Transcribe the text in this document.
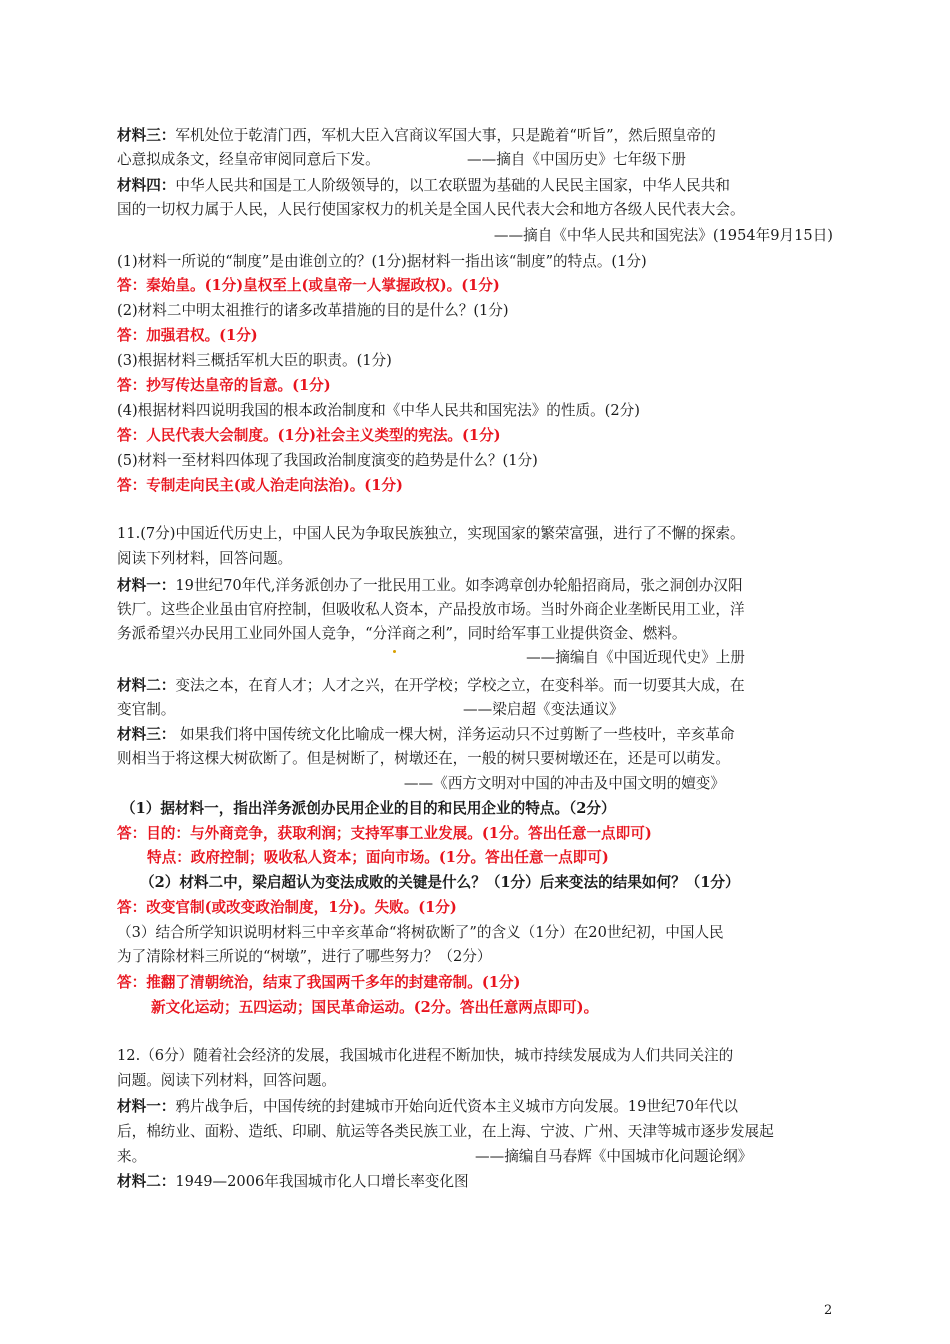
材料三：军机处位于乾清门西，军机大臣入宫商议军国大事，只是跪着“听旨”，然后照皇帝的

心意拟成条文，经皇帝审阅同意后下发。	——摘自《中国历史》七年级下册

材料四：中华人民共和国是工人阶级领导的，以工农联盟为基础的人民民主国家，中华人民共和

国的一切权力属于人民，人民行使国家权力的机关是全国人民代表大会和地方各级人民代表大会。

——摘自《中华人民共和国宪法》(1954年9月15日)

(1)材料一所说的“制度”是由谁创立的？(1分)据材料一指出该“制度”的特点。(1分)

答：秦始皇。(1分)皇权至上(或皇帝一人掌握政权)。(1分)

(2)材料二中明太祖推行的诸多改革措施的目的是什么？(1分)

答：加强君权。(1分)

(3)根据材料三概括军机大臣的职责。(1分)

答：抄写传达皇帝的旨意。(1分)

(4)根据材料四说明我国的根本政治制度和《中华人民共和国宪法》的性质。(2分)

答：人民代表大会制度。(1分)社会主义类型的宪法。(1分)

(5)材料一至材料四体现了我国政治制度演变的趋势是什么？(1分)

答：专制走向民主(或人治走向法治)。(1分)

11.(7分)中国近代历史上，中国人民为争取民族独立，实现国家的繁荣富强，进行了不懈的探索。

阅读下列材料，回答问题。

材料一：19世纪70年代,洋务派创办了一批民用工业。如李鸿章创办轮船招商局，张之洞创办汉阳

铁厂。这些企业虽由官府控制，但吸收私人资本，产品投放市场。当时外商企业垄断民用工业，洋

务派希望兴办民用工业同外国人竞争，“分洋商之利”，同时给军事工业提供资金、燃料。

——摘编自《中国近现代史》上册

材料二：变法之本，在育人才；人才之兴，在开学校；学校之立，在变科举。而一切要其大成，在

变官制。	——梁启超《变法通议》

材料三： 如果我们将中国传统文化比喻成一棵大树，洋务运动只不过剪断了一些枝叶，辛亥革命

则相当于将这棵大树砍断了。但是树断了，树墩还在，一般的树只要树墩还在，还是可以萌发。

——《西方文明对中国的冲击及中国文明的嬗变》

（1）据材料一，指出洋务派创办民用企业的目的和民用企业的特点。（2分）

答：目的：与外商竞争，获取利润；支持军事工业发展。(1分。答出任意一点即可)

特点：政府控制；吸收私人资本；面向市场。(1分。答出任意一点即可)

（2）材料二中，梁启超认为变法成败的关键是什么？（1分）后来变法的结果如何？（1分）

答：改变官制(或改变政治制度，1分)。失败。(1分)

（3）结合所学知识说明材料三中辛亥革命“将树砍断了”的含义（1分）在20世纪初，中国人民

为了清除材料三所说的“树墩”，进行了哪些努力？（2分）

答：推翻了清朝统治，结束了我国两千多年的封建帝制。(1分)

新文化运动；五四运动；国民革命运动。(2分。答出任意两点即可)。

12.（6分）随着社会经济的发展，我国城市化进程不断加快，城市持续发展成为人们共同关注的

问题。阅读下列材料，回答问题。

材料一：鸦片战争后，中国传统的封建城市开始向近代资本主义城市方向发展。19世纪70年代以

后，棉纺业、面粉、造纸、印刷、航运等各类民族工业，在上海、宁波、广州、天津等城市逐步发展起

来。	——摘编自马春辉《中国城市化问题论纲》

材料二：1949—2006年我国城市化人口增长率变化图

2
